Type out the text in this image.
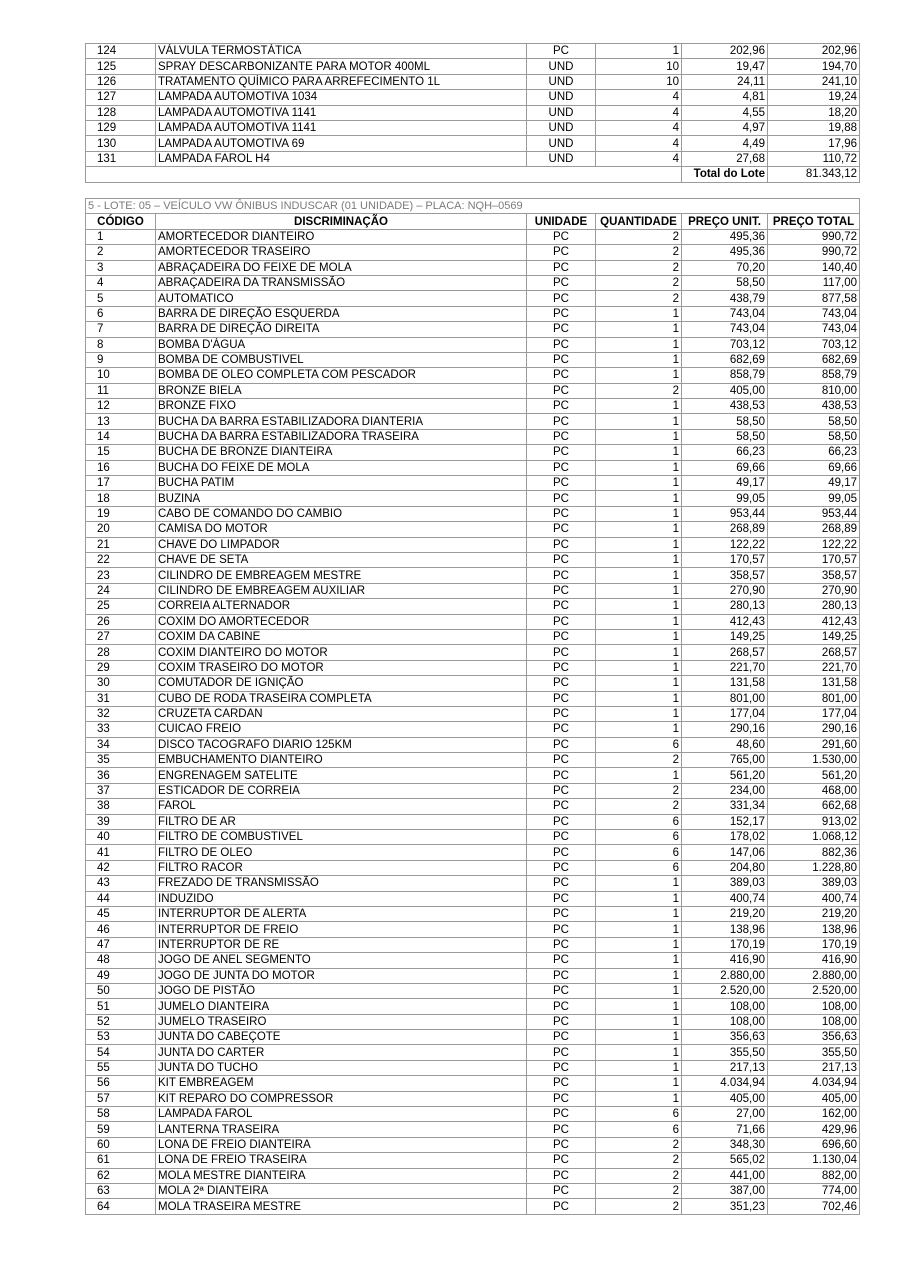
124	VÁLVULA TERMOSTÁTICA	PC	1	202,96	202,96
125	SPRAY DESCARBONIZANTE PARA MOTOR 400ML	UND	10	19,47	194,70
126	TRATAMENTO QUÍMICO PARA ARREFECIMENTO 1L	UND	10	24,11	241,10
127	LAMPADA AUTOMOTIVA 1034	UND	4	4,81	19,24
128	LAMPADA AUTOMOTIVA 1141	UND	4	4,55	18,20
129	LAMPADA AUTOMOTIVA 1141	UND	4	4,97	19,88
130	LAMPADA AUTOMOTIVA 69	UND	4	4,49	17,96
131	LAMPADA FAROL H4	UND	4	27,68	110,72
				Total do Lote	81.343,12
5 - LOTE: 05 – VEÍCULO VW ÔNIBUS INDUSCAR (01 UNIDADE) – PLACA: NQH–0569					
CÓDIGO	DISCRIMINAÇÃO	UNIDADE	QUANTIDADE	PREÇO UNIT.	PREÇO TOTAL
1	AMORTECEDOR DIANTEIRO	PC	2	495,36	990,72
2	AMORTECEDOR TRASEIRO	PC	2	495,36	990,72
3	ABRAÇADEIRA DO FEIXE DE MOLA	PC	2	70,20	140,40
4	ABRAÇADEIRA DA TRANSMISSÃO	PC	2	58,50	117,00
5	AUTOMATICO	PC	2	438,79	877,58
6	BARRA DE DIREÇÃO ESQUERDA	PC	1	743,04	743,04
7	BARRA DE DIREÇÃO DIREITA	PC	1	743,04	743,04
8	BOMBA D'ÁGUA	PC	1	703,12	703,12
9	BOMBA DE COMBUSTIVEL	PC	1	682,69	682,69
10	BOMBA DE OLEO COMPLETA COM PESCADOR	PC	1	858,79	858,79
11	BRONZE BIELA	PC	2	405,00	810,00
12	BRONZE FIXO	PC	1	438,53	438,53
13	BUCHA DA BARRA ESTABILIZADORA DIANTERIA	PC	1	58,50	58,50
14	BUCHA DA BARRA ESTABILIZADORA TRASEIRA	PC	1	58,50	58,50
15	BUCHA DE BRONZE DIANTEIRA	PC	1	66,23	66,23
16	BUCHA DO FEIXE DE MOLA	PC	1	69,66	69,66
17	BUCHA PATIM	PC	1	49,17	49,17
18	BUZINA	PC	1	99,05	99,05
19	CABO DE COMANDO DO CAMBIO	PC	1	953,44	953,44
20	CAMISA DO MOTOR	PC	1	268,89	268,89
21	CHAVE DO LIMPADOR	PC	1	122,22	122,22
22	CHAVE DE SETA	PC	1	170,57	170,57
23	CILINDRO DE EMBREAGEM MESTRE	PC	1	358,57	358,57
24	CILINDRO DE EMBREAGEM AUXILIAR	PC	1	270,90	270,90
25	CORREIA ALTERNADOR	PC	1	280,13	280,13
26	COXIM DO AMORTECEDOR	PC	1	412,43	412,43
27	COXIM DA CABINE	PC	1	149,25	149,25
28	COXIM DIANTEIRO DO MOTOR	PC	1	268,57	268,57
29	COXIM TRASEIRO DO MOTOR	PC	1	221,70	221,70
30	COMUTADOR DE IGNIÇÃO	PC	1	131,58	131,58
31	CUBO DE RODA TRASEIRA COMPLETA	PC	1	801,00	801,00
32	CRUZETA CARDAN	PC	1	177,04	177,04
33	CUICAO FREIO	PC	1	290,16	290,16
34	DISCO TACOGRAFO DIARIO 125KM	PC	6	48,60	291,60
35	EMBUCHAMENTO DIANTEIRO	PC	2	765,00	1.530,00
36	ENGRENAGEM SATELITE	PC	1	561,20	561,20
37	ESTICADOR DE CORREIA	PC	2	234,00	468,00
38	FAROL	PC	2	331,34	662,68
39	FILTRO DE AR	PC	6	152,17	913,02
40	FILTRO DE COMBUSTIVEL	PC	6	178,02	1.068,12
41	FILTRO DE OLEO	PC	6	147,06	882,36
42	FILTRO RACOR	PC	6	204,80	1.228,80
43	FREZADO DE TRANSMISSÃO	PC	1	389,03	389,03
44	INDUZIDO	PC	1	400,74	400,74
45	INTERRUPTOR DE ALERTA	PC	1	219,20	219,20
46	INTERRUPTOR DE FREIO	PC	1	138,96	138,96
47	INTERRUPTOR DE RE	PC	1	170,19	170,19
48	JOGO DE ANEL SEGMENTO	PC	1	416,90	416,90
49	JOGO DE JUNTA DO MOTOR	PC	1	2.880,00	2.880,00
50	JOGO DE PISTÃO	PC	1	2.520,00	2.520,00
51	JUMELO DIANTEIRA	PC	1	108,00	108,00
52	JUMELO TRASEIRO	PC	1	108,00	108,00
53	JUNTA DO CABEÇOTE	PC	1	356,63	356,63
54	JUNTA DO CARTER	PC	1	355,50	355,50
55	JUNTA DO TUCHO	PC	1	217,13	217,13
56	KIT EMBREAGEM	PC	1	4.034,94	4.034,94
57	KIT REPARO DO COMPRESSOR	PC	1	405,00	405,00
58	LAMPADA FAROL	PC	6	27,00	162,00
59	LANTERNA TRASEIRA	PC	6	71,66	429,96
60	LONA DE FREIO DIANTEIRA	PC	2	348,30	696,60
61	LONA DE FREIO TRASEIRA	PC	2	565,02	1.130,04
62	MOLA MESTRE DIANTEIRA	PC	2	441,00	882,00
63	MOLA 2ª DIANTEIRA	PC	2	387,00	774,00
64	MOLA TRASEIRA MESTRE	PC	2	351,23	702,46
